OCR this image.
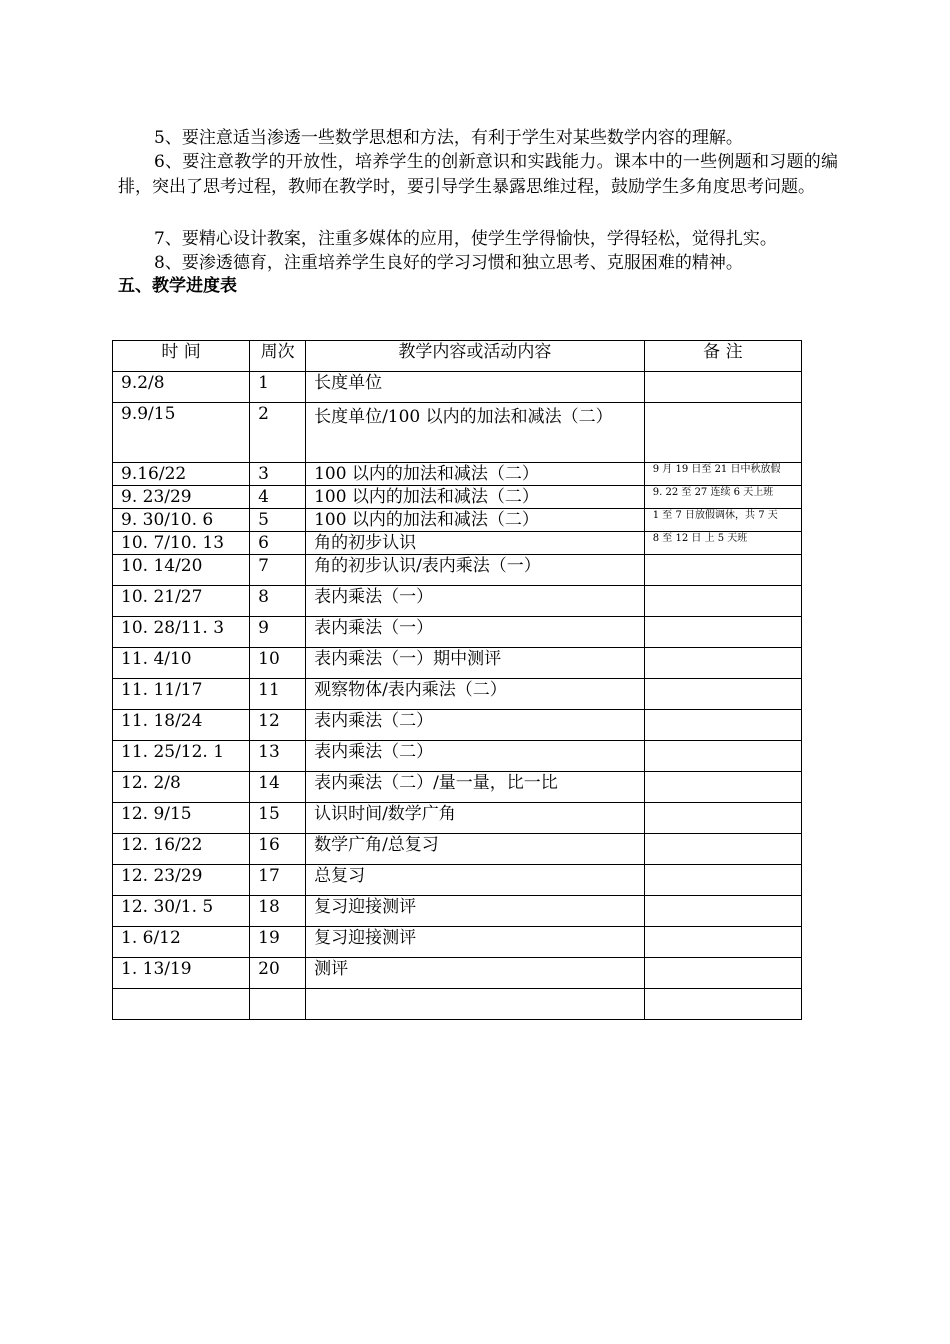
5、要注意适当渗透一些数学思想和方法，有利于学生对某些数学内容的理解。

6、要注意教学的开放性，培养学生的创新意识和实践能力。课本中的一些例题和习题的编排，突出了思考过程，教师在教学时，要引导学生暴露思维过程，鼓励学生多角度思考问题。

7、要精心设计教案，注重多媒体的应用，使学生学得愉快，学得轻松，觉得扎实。

8、要渗透德育，注重培养学生良好的学习习惯和独立思考、克服困难的精神。

五、教学进度表

时 间	周次	教学内容或活动内容	备 注
9.2/8	1	长度单位	
9.9/15	2	长度单位/100 以内的加法和减法（二）	
9.16/22	3	100 以内的加法和减法（二）	9 月 19 日至 21 日中秋放假
9. 23/29	4	100 以内的加法和减法（二）	9. 22 至 27 连续 6 天上班
9. 30/10. 6	5	100 以内的加法和减法（二）	1 至 7 日放假调休，共 7 天
10. 7/10. 13	6	角的初步认识	8 至 12 日 上 5 天班
10. 14/20	7	角的初步认识/表内乘法（一）	
10. 21/27	8	表内乘法（一）	
10. 28/11. 3	9	表内乘法（一）	
11. 4/10	10	表内乘法（一）期中测评	
11. 11/17	11	观察物体/表内乘法（二）	
11. 18/24	12	表内乘法（二）	
11. 25/12. 1	13	表内乘法（二）	
12. 2/8	14	表内乘法（二）/量一量，比一比	
12. 9/15	15	认识时间/数学广角	
12. 16/22	16	数学广角/总复习	
12. 23/29	17	总复习	
12. 30/1. 5	18	复习迎接测评	
1. 6/12	19	复习迎接测评	
1. 13/19	20	测评	
